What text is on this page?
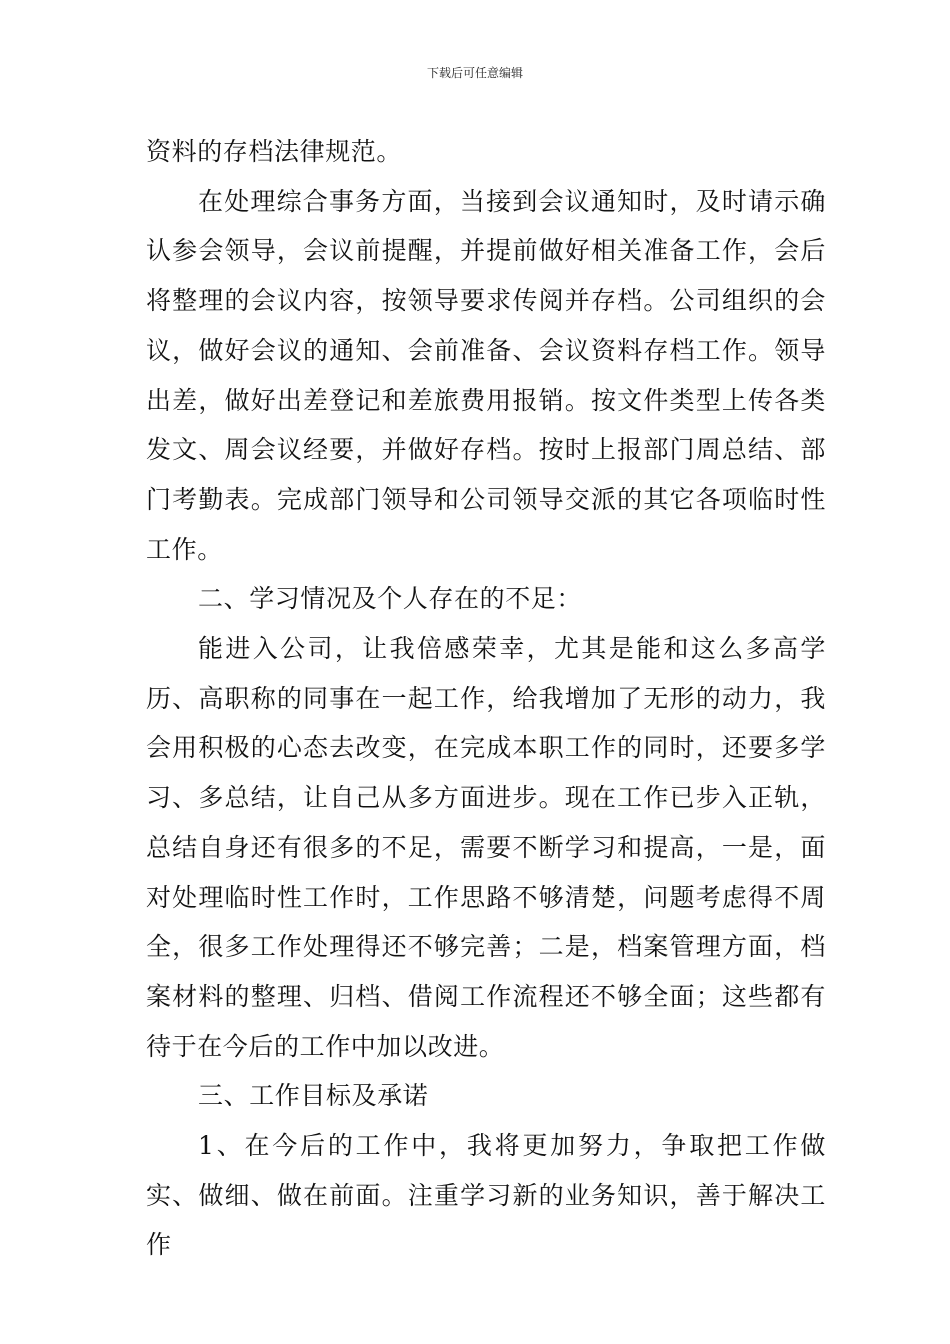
下载后可任意编辑

资料的存档法律规范。

在处理综合事务方面，当接到会议通知时，及时请示确认参会领导，会议前提醒，并提前做好相关准备工作，会后将整理的会议内容，按领导要求传阅并存档。公司组织的会议，做好会议的通知、会前准备、会议资料存档工作。领导出差，做好出差登记和差旅费用报销。按文件类型上传各类发文、周会议经要，并做好存档。按时上报部门周总结、部门考勤表。完成部门领导和公司领导交派的其它各项临时性工作。

二、学习情况及个人存在的不足：

能进入公司，让我倍感荣幸，尤其是能和这么多高学历、高职称的同事在一起工作，给我增加了无形的动力，我会用积极的心态去改变，在完成本职工作的同时，还要多学习、多总结，让自己从多方面进步。现在工作已步入正轨，总结自身还有很多的不足，需要不断学习和提高，一是，面对处理临时性工作时，工作思路不够清楚，问题考虑得不周全，很多工作处理得还不够完善；二是，档案管理方面，档案材料的整理、归档、借阅工作流程还不够全面；这些都有待于在今后的工作中加以改进。

三、工作目标及承诺

1、在今后的工作中，我将更加努力，争取把工作做实、做细、做在前面。注重学习新的业务知识，善于解决工作
